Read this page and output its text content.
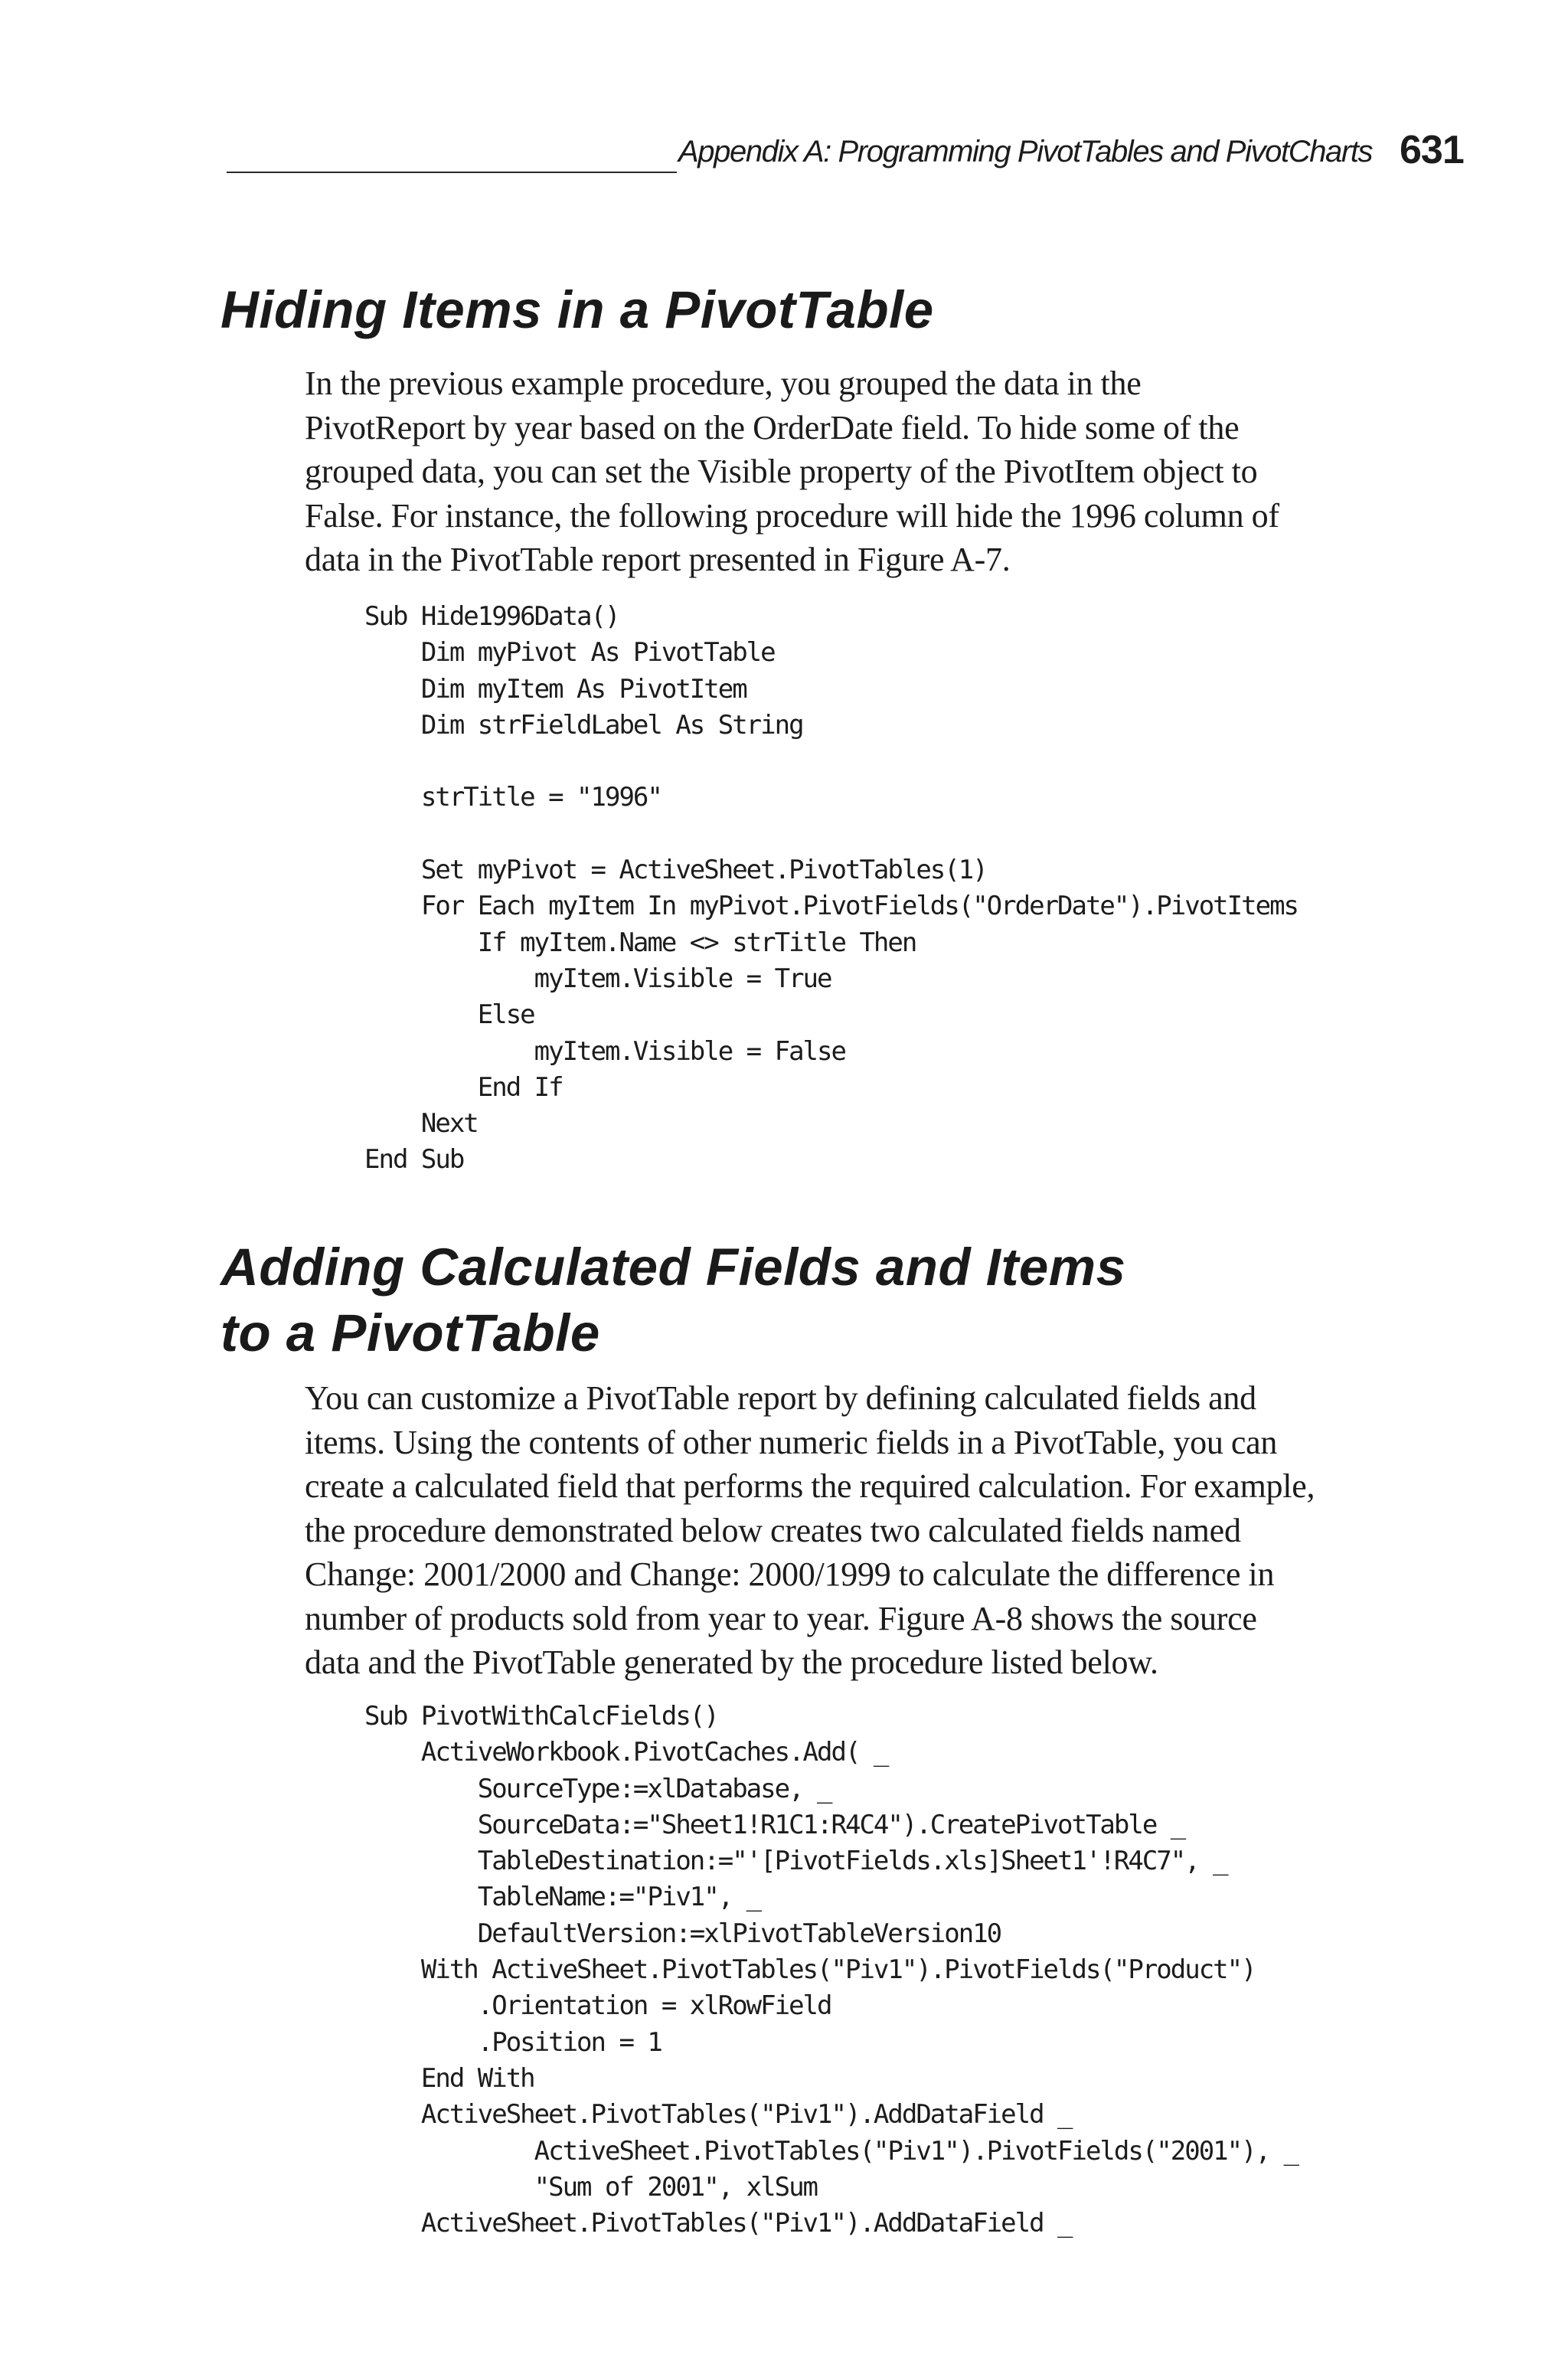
Appendix A: Programming PivotTables and PivotCharts 631
Hiding Items in a PivotTable

In the previous example procedure, you grouped the data in the
PivotReport by year based on the OrderDate field. To hide some of the
grouped data, you can set the Visible property of the PivotItem object to
False. For instance, the following procedure will hide the 1996 column of
data in the PivotTable report presented in Figure A-7.

Sub Hide1996Data()
Dim myPivot As PivotTable
Dim myItem As PivotItem
Dim strFieldLabel As String
strTitle = "1996"
Set myPivot = ActiveSheet.PivotTables(1)
For Each myItem In myPivot.PivotFields("OrderDate").PivotItems
If myItem.Name <> strTitle Then
myItem.Visible = True
Else
myItem.Visible = False
End If
Next
End Sub
Adding Calculated Fields and Items
to a PivotTable

You can customize a PivotTable report by defining calculated fields and
items. Using the contents of other numeric fields in a PivotTable, you can
create a calculated field that performs the required calculation. For example,
the procedure demonstrated below creates two calculated fields named
Change: 2001/2000 and Change: 2000/1999 to calculate the difference in
number of products sold from year to year. Figure A-8 shows the source
data and the PivotTable generated by the procedure listed below.

Sub PivotWithCalcFields()
ActiveWorkbook.PivotCaches.Add( _
SourceType:=xlDatabase, _
SourceData:="Sheet1!R1C1:R4C4").CreatePivotTable _
TableDestination:="'[PivotFields.xls]Sheet1'!R4C7", _
TableName:="Piv1", _
DefaultVersion:=xlPivotTableVersion10
With ActiveSheet.PivotTables("Piv1").PivotFields("Product")
.Orientation = xlRowField
.Position = 1
End With
ActiveSheet.PivotTables("Piv1").AddDataField _
ActiveSheet.PivotTables("Piv1").PivotFields("2001"), _
"Sum of 2001", xlSum
ActiveSheet.PivotTables("Piv1").AddDataField _
